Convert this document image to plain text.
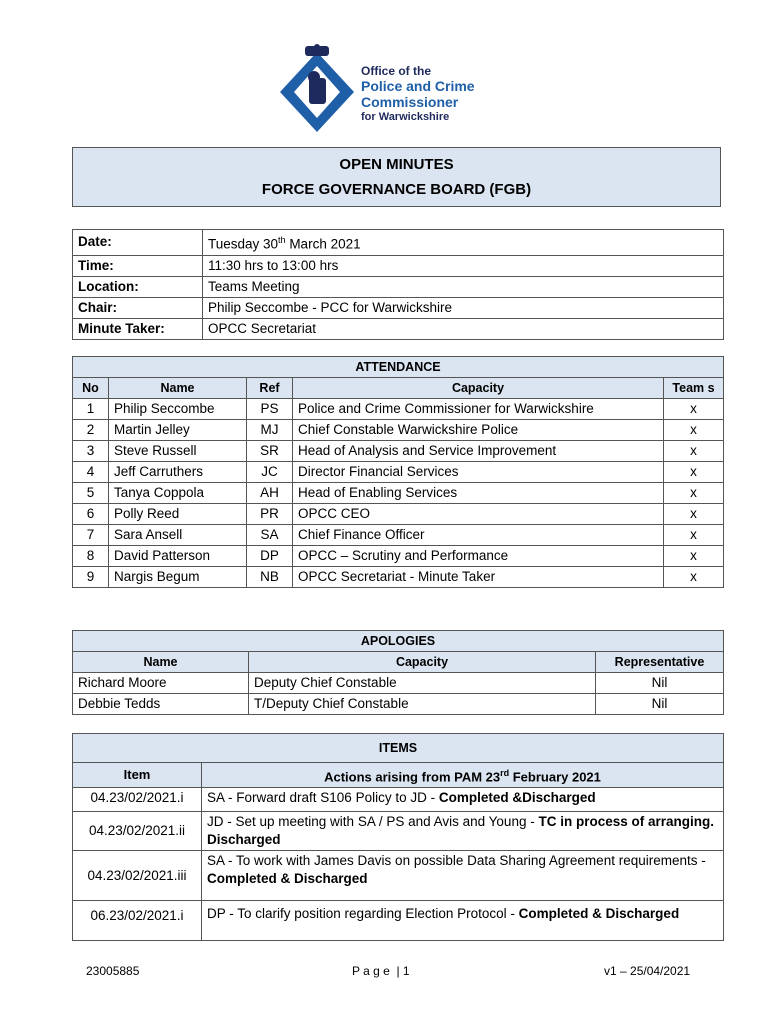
Office of the
Police and Crime
Commissioner
for Warwickshire
OPEN MINUTES
FORCE GOVERNANCE BOARD (FGB)
Date:	Tuesday 30th March 2021
Time:	11:30 hrs to 13:00 hrs
Location:	Teams Meeting
Chair:	Philip Seccombe - PCC for Warwickshire
Minute Taker:	OPCC Secretariat
ATTENDANCE				
No	Name	Ref	Capacity	Team s
1	Philip Seccombe	PS	Police and Crime Commissioner for Warwickshire	x
2	Martin Jelley	MJ	Chief Constable Warwickshire Police	x
3	Steve Russell	SR	Head of Analysis and Service Improvement	x
4	Jeff Carruthers	JC	Director Financial Services	x
5	Tanya Coppola	AH	Head of Enabling Services	x
6	Polly Reed	PR	OPCC CEO	x
7	Sara Ansell	SA	Chief Finance Officer	x
8	David Patterson	DP	OPCC – Scrutiny and Performance	x
9	Nargis Begum	NB	OPCC Secretariat - Minute Taker	x
APOLOGIES		
Name	Capacity	Representative
Richard Moore	Deputy Chief Constable	Nil
Debbie Tedds	T/Deputy Chief Constable	Nil
ITEMS	
Item	Actions arising from PAM 23rd February 2021
04.23/02/2021.i	SA - Forward draft S106 Policy to JD - Completed &Discharged
04.23/02/2021.ii	JD - Set up meeting with SA / PS and Avis and Young - TC in process of arranging. Discharged
04.23/02/2021.iii	SA - To work with James Davis on possible Data Sharing Agreement requirements - Completed & Discharged
06.23/02/2021.i	DP - To clarify position regarding Election Protocol - Completed & Discharged
23005885	P a g e  | 1	v1 – 25/04/2021
